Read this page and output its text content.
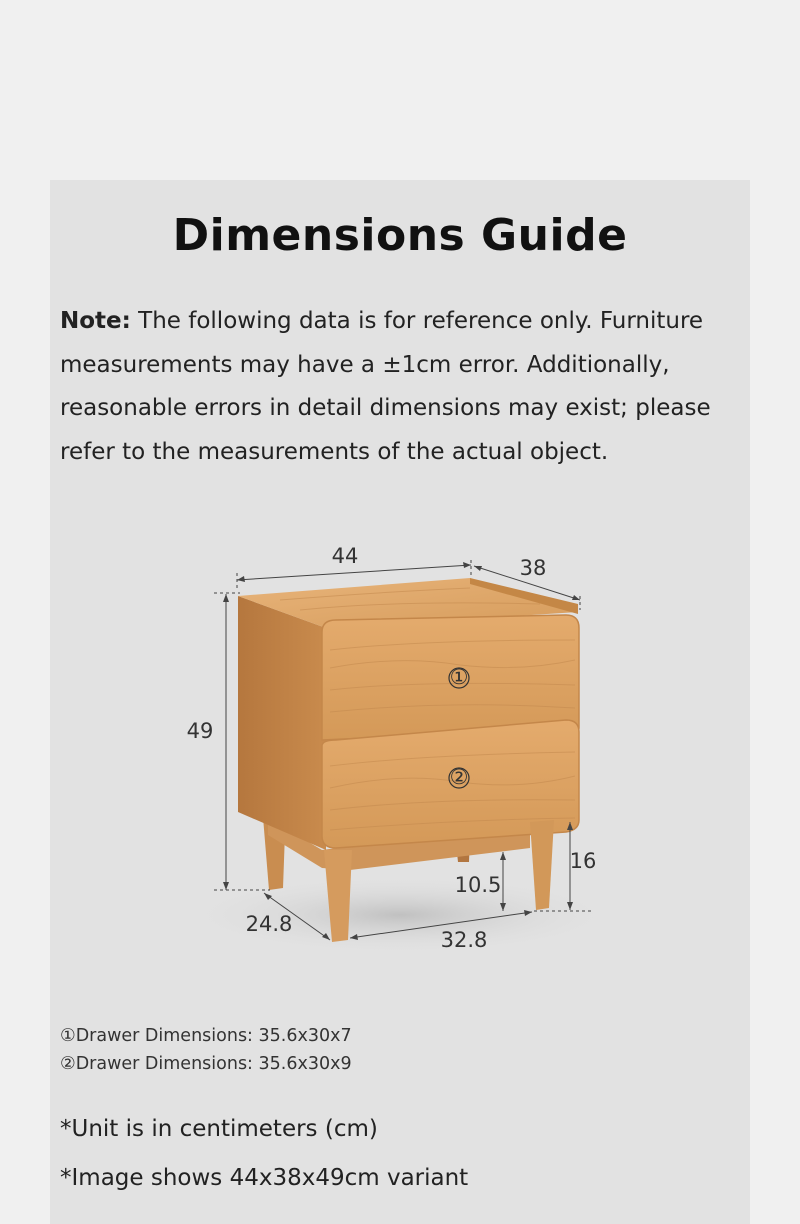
Dimensions Guide
Note: The following data is for reference only. Furniture measurements may have a ±1cm error. Additionally, reasonable errors in detail dimensions may exist; please refer to the measurements of the actual object.
①
②
44	38
49
16
10.5
24.8
32.8
①Drawer Dimensions: 35.6x30x7
②Drawer Dimensions: 35.6x30x9
*Unit is in centimeters (cm)
*Image shows 44x38x49cm variant
